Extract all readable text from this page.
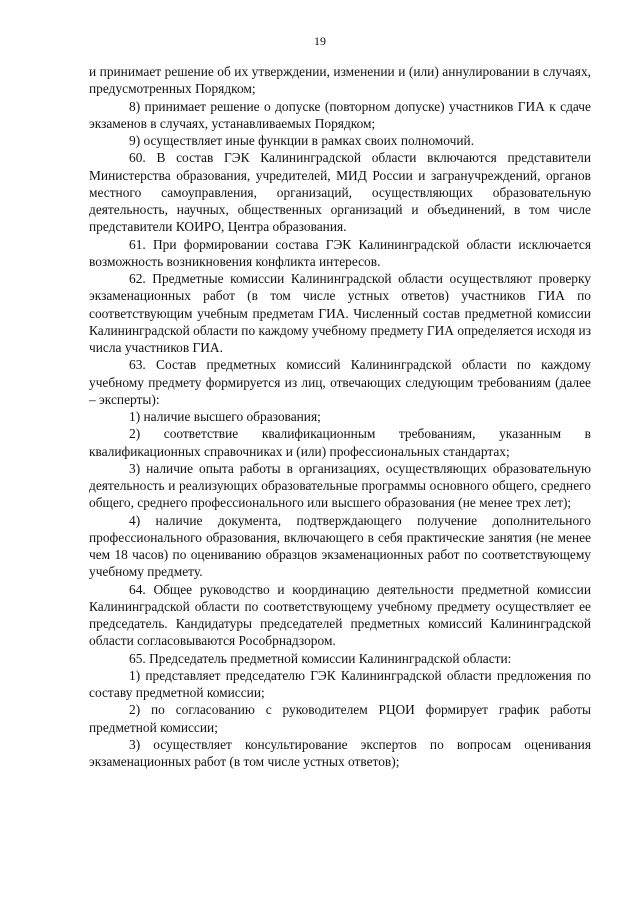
19

и принимает решение об их утверждении, изменении и (или) аннулировании в случаях, предусмотренных Порядком;

8) принимает решение о допуске (повторном допуске) участников ГИА к сдаче экзаменов в случаях, устанавливаемых Порядком;

9) осуществляет иные функции в рамках своих полномочий.

60. В состав ГЭК Калининградской области включаются представители Министерства образования, учредителей, МИД России и загранучреждений, органов местного самоуправления, организаций, осуществляющих образовательную деятельность, научных, общественных организаций и объединений, в том числе представители КОИРО, Центра образования.

61. При формировании состава ГЭК Калининградской области исключается возможность возникновения конфликта интересов.

62. Предметные комиссии Калининградской области осуществляют проверку экзаменационных работ (в том числе устных ответов) участников ГИА по соответствующим учебным предметам ГИА. Численный состав предметной комиссии Калининградской области по каждому учебному предмету ГИА определяется исходя из числа участников ГИА.

63. Состав предметных комиссий Калининградской области по каждому учебному предмету формируется из лиц, отвечающих следующим требованиям (далее – эксперты):

1) наличие высшего образования;

2) соответствие квалификационным требованиям, указанным в квалификационных справочниках и (или) профессиональных стандартах;

3) наличие опыта работы в организациях, осуществляющих образовательную деятельность и реализующих образовательные программы основного общего, среднего общего, среднего профессионального или высшего образования (не менее трех лет);

4) наличие документа, подтверждающего получение дополнительного профессионального образования, включающего в себя практические занятия (не менее чем 18 часов) по оцениванию образцов экзаменационных работ по соответствующему учебному предмету.

64. Общее руководство и координацию деятельности предметной комиссии Калининградской области по соответствующему учебному предмету осуществляет ее председатель. Кандидатуры председателей предметных комиссий Калининградской области согласовываются Рособрнадзором.

65. Председатель предметной комиссии Калининградской области:

1) представляет председателю ГЭК Калининградской области предложения по составу предметной комиссии;

2) по согласованию с руководителем РЦОИ формирует график работы предметной комиссии;

3) осуществляет консультирование экспертов по вопросам оценивания экзаменационных работ (в том числе устных ответов);
